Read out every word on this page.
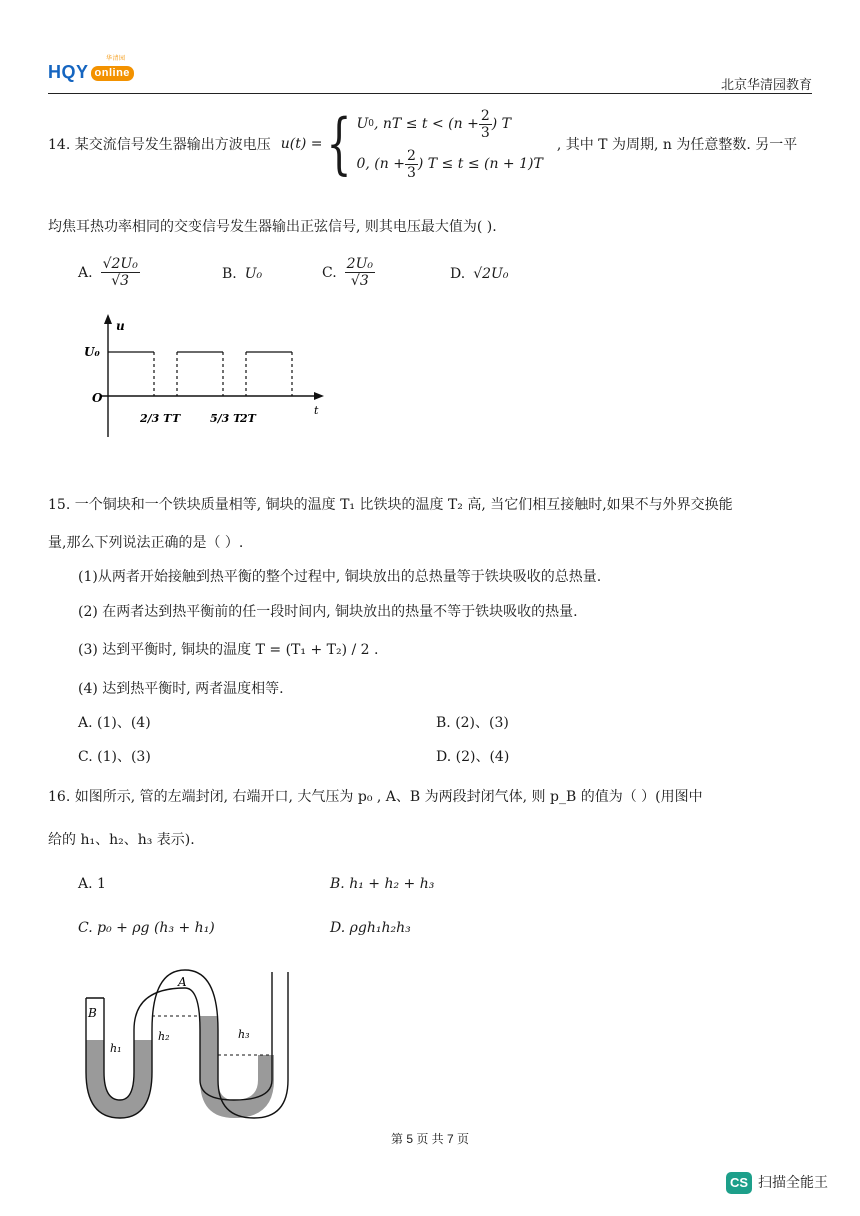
HQY online
华清园
北京华清园教育
14. 某交流信号发生器输出方波电压 u(t) = { U 0 , nT ≤ $t < (n + \frac{2}{3}$ ) T
0, ($n + \frac{2}{3}$ ) T ≤ t ≤ (n + 1)T
, 其中 T 为周期, n 为任意整数. 另一平
均焦耳热功率相同的交变信号发生器输出正弦信号, 则其电压最大值为( ).
A. $\frac{\text{√2U₀}}{√3}$	B. U₀	C. $\frac{\text{2U₀}}{√3}$	D. √2U₀
u
U₀
O
t
2/3 T T	5/3 T
2T
15. 一个铜块和一个铁块质量相等, 铜块的温度 T₁ 比铁块的温度 T₂ 高, 当它们相互接触时,如果不与外界交换能
量,那么下列说法正确的是（ ）.
(1)从两者开始接触到热平衡的整个过程中, 铜块放出的总热量等于铁块吸收的总热量.
(2) 在两者达到热平衡前的任一段时间内, 铜块放出的热量不等于铁块吸收的热量.
(3) 达到平衡时, 铜块的温度 T = (T₁ + T₂) / 2 .
(4) 达到热平衡时, 两者温度相等.
A. (1)、(4)	B. (2)、(3)
C. (1)、(3)	D. (2)、(4)
16. 如图所示, 管的左端封闭, 右端开口, 大气压为 p₀ , A、B 为两段封闭气体, 则 p_B 的值为（ ）(用图中
给的 h₁、h₂、h₃ 表示).
A. 1	B. h₁ + h₂ + h₃
C. p₀ + ρg (h₃ + h₁)	D. ρgh₁h₂h₃
A
B
h₁
h₂	h₃
第 5 页 共 7 页
CS 扫描全能王
